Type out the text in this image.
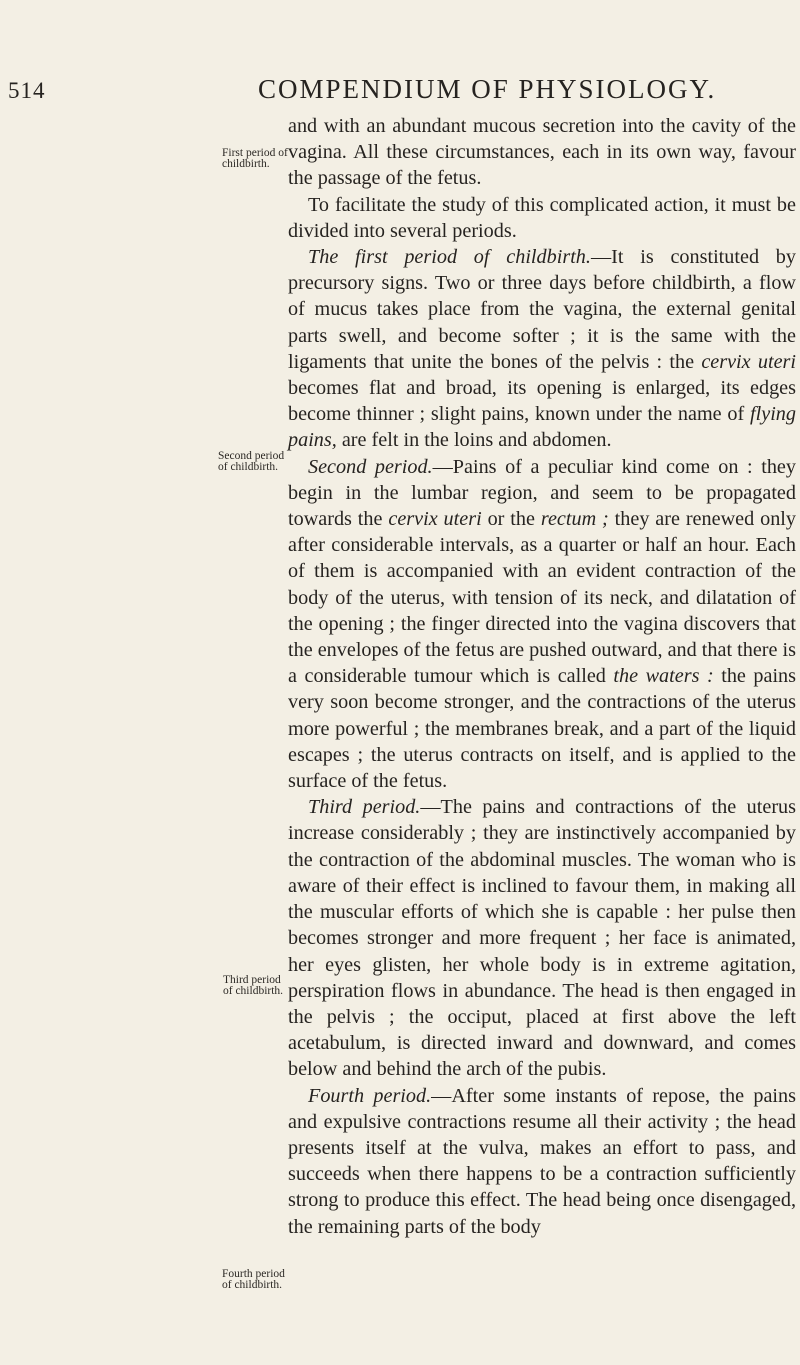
514	COMPENDIUM OF PHYSIOLOGY.
First period of childbirth.
Second period of childbirth.
Third period of childbirth.
Fourth period of childbirth.

and with an abundant mucous secretion into the cavity of the vagina. All these circumstances, each in its own way, favour the passage of the fetus.

To facilitate the study of this complicated action, it must be divided into several periods.

The first period of childbirth.—It is constituted by precursory signs. Two or three days before childbirth, a flow of mucus takes place from the vagina, the external genital parts swell, and become softer ; it is the same with the ligaments that unite the bones of the pelvis : the cervix uteri becomes flat and broad, its opening is enlarged, its edges become thinner ; slight pains, known under the name of flying pains, are felt in the loins and abdomen.

Second period.—Pains of a peculiar kind come on : they begin in the lumbar region, and seem to be propagated towards the cervix uteri or the rectum ; they are renewed only after considerable intervals, as a quarter or half an hour. Each of them is accompanied with an evident contraction of the body of the uterus, with tension of its neck, and dilatation of the opening ; the finger directed into the vagina discovers that the envelopes of the fetus are pushed outward, and that there is a considerable tumour which is called the waters : the pains very soon become stronger, and the contractions of the uterus more powerful ; the membranes break, and a part of the liquid escapes ; the uterus contracts on itself, and is applied to the surface of the fetus.

Third period.—The pains and contractions of the uterus increase considerably ; they are instinctively accompanied by the contraction of the abdominal muscles. The woman who is aware of their effect is inclined to favour them, in making all the muscular efforts of which she is capable : her pulse then becomes stronger and more frequent ; her face is animated, her eyes glisten, her whole body is in extreme agitation, perspiration flows in abundance. The head is then engaged in the pelvis ; the occiput, placed at first above the left acetabulum, is directed inward and downward, and comes below and behind the arch of the pubis.

Fourth period.—After some instants of repose, the pains and expulsive contractions resume all their activity ; the head presents itself at the vulva, makes an effort to pass, and succeeds when there happens to be a contraction sufficiently strong to produce this effect. The head being once disengaged, the remaining parts of the body
